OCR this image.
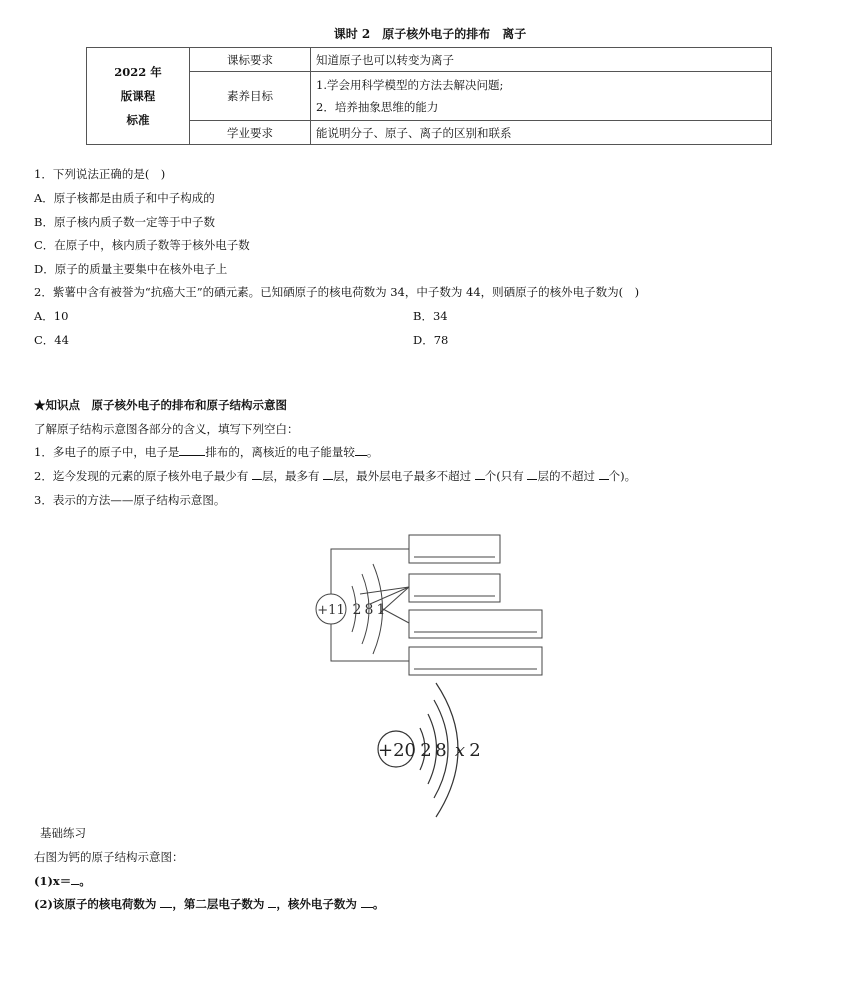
课时 2　原子核外电子的排布　离子
2022 年
版课程
标准	课标要求	知道原子也可以转变为离子
	素养目标	1.学会用科学模型的方法去解决问题;
2．培养抽象思维的能力

	学业要求	能说明分子、原子、离子的区别和联系
1．下列说法正确的是(　)
A．原子核都是由质子和中子构成的
B．原子核内质子数一定等于中子数
C．在原子中，核内质子数等于核外电子数
D．原子的质量主要集中在核外电子上
2．紫薯中含有被誉为“抗癌大王”的硒元素。已知硒原子的核电荷数为 34，中子数为 44，则硒原子的核外电子数为(　)
A．10	B．34
C．44	D．78
★知识点　原子核外电子的排布和原子结构示意图
了解原子结构示意图各部分的含义，填写下列空白：
1．多电子的原子中，电子是 排布的，离核近的电子能量较 。
2．迄今发现的元素的原子核外电子最少有 层，最多有 层，最外层电子最多不超过 个(只有 层的不超过 个)。
3．表示的方法——原子结构示意图。
+11 2 8 1
+20 2 8 x 2
基础练习
右图为钙的原子结构示意图：
(1)x＝ 。
(2)该原子的核电荷数为 ，第二层电子数为 ，核外电子数为 。
